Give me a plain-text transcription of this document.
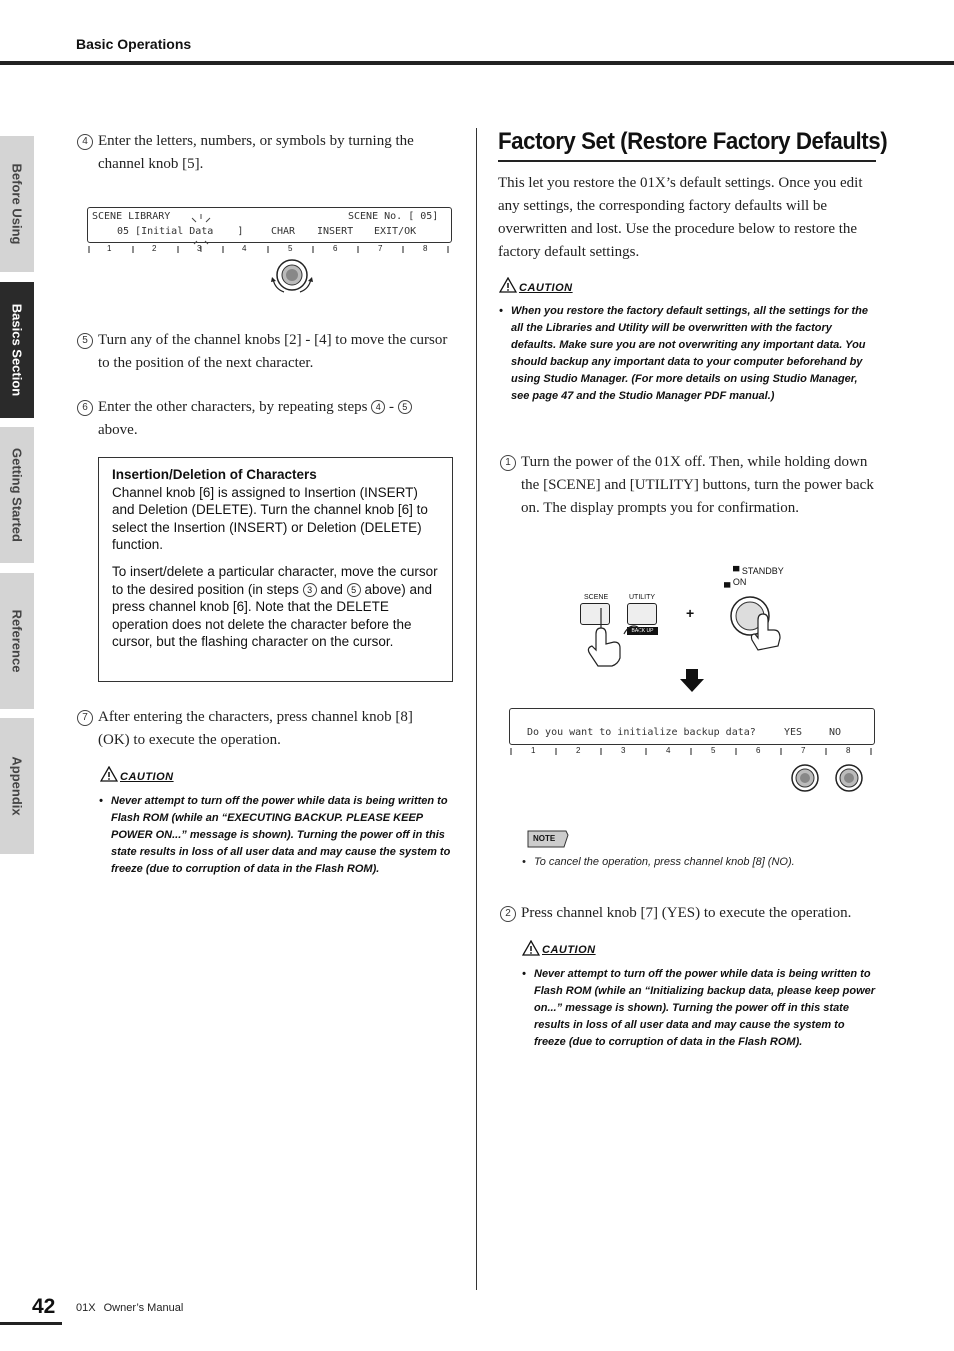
Basic Operations
Before Using
Basics Section
Getting Started
Reference
Appendix
4 Enter the letters, numbers, or symbols by turning the channel knob [5].
SCENE LIBRARY	SCENE No. [ 05]
05 [Initial Data    ]	CHAR INSERT EXIT/OK
1	2	3	4	5	6	7	8
5 Turn any of the channel knobs [2] - [4] to move the cursor to the position of the next character.
6 Enter the other characters, by repeating steps 4 - 5 above.

Insertion/Deletion of Characters

Channel knob [6] is assigned to Insertion (INSERT) and Deletion (DELETE). Turn the channel knob [6] to select the Insertion (INSERT) or Deletion (DELETE) function.

To insert/delete a particular character, move the cursor to the desired position (in steps 3 and 5 above) and press channel knob [6]. Note that the DELETE operation does not delete the character before the cursor, but the flashing character on the cursor.

7 After entering the characters, press channel knob [8](OK) to execute the operation.
CAUTION
• Never attempt to turn off the power while data is being written to Flash ROM (while an “EXECUTING BACKUP. PLEASE KEEP POWER ON...” message is shown). Turning the power off in this state results in loss of all user data and may cause the system to freeze (due to corruption of data in the Flash ROM).
Factory Set (Restore Factory Defaults)
This let you restore the 01X’s default settings. Once you edit any settings, the corresponding factory defaults will be overwritten and lost. Use the procedure below to restore the factory default settings.
CAUTION
• When you restore the factory default settings, all the settings for the all the Libraries and Utility will be overwritten with the factory defaults. Make sure you are not overwriting any important data. You should backup any important data to your computer beforehand by using Studio Manager. (For more details on using Studio Manager, see page 47 and the Studio Manager PDF manual.)
1 Turn the power of the 01X off. Then, while holding down the [SCENE] and [UTILITY] buttons, turn the power back on. The display prompts you for confirmation.
SCENE	UTILITY
BACK UP
+
▀ STANDBY
▄ ON
Do you want to initialize backup data?	YES	NO
1	2	3	4	5	6	7	8
NOTE
• To cancel the operation, press channel knob [8] (NO).
2 Press channel knob [7] (YES) to execute the operation.
CAUTION
• Never attempt to turn off the power while data is being written to Flash ROM (while an “Initializing backup data, please keep power on...” message is shown). Turning the power off in this state results in loss of all user data and may cause the system to freeze (due to corruption of data in the Flash ROM).
42 01X Owner’s Manual
